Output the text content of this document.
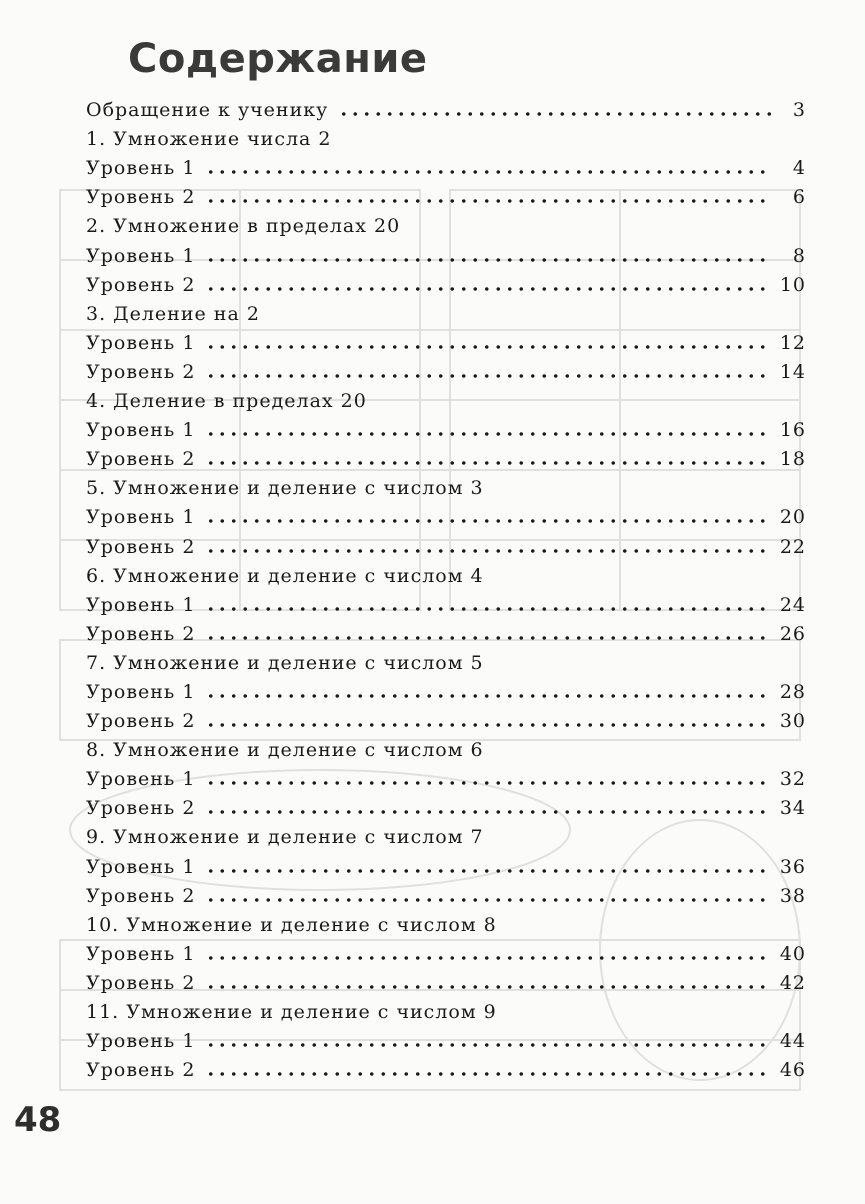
Содержание
Обращение к ученику	3
1. Умножение числа 2
Уровень 1	4
Уровень 2	6
2. Умножение в пределах 20
Уровень 1	8
Уровень 2	10
3. Деление на 2
Уровень 1	12
Уровень 2	14
4. Деление в пределах 20
Уровень 1	16
Уровень 2	18
5. Умножение и деление с числом 3
Уровень 1	20
Уровень 2	22
6. Умножение и деление с числом 4
Уровень 1	24
Уровень 2	26
7. Умножение и деление с числом 5
Уровень 1	28
Уровень 2	30
8. Умножение и деление с числом 6
Уровень 1	32
Уровень 2	34
9. Умножение и деление с числом 7
Уровень 1	36
Уровень 2	38
10. Умножение и деление с числом 8
Уровень 1	40
Уровень 2	42
11. Умножение и деление с числом 9
Уровень 1	44
Уровень 2	46
48
